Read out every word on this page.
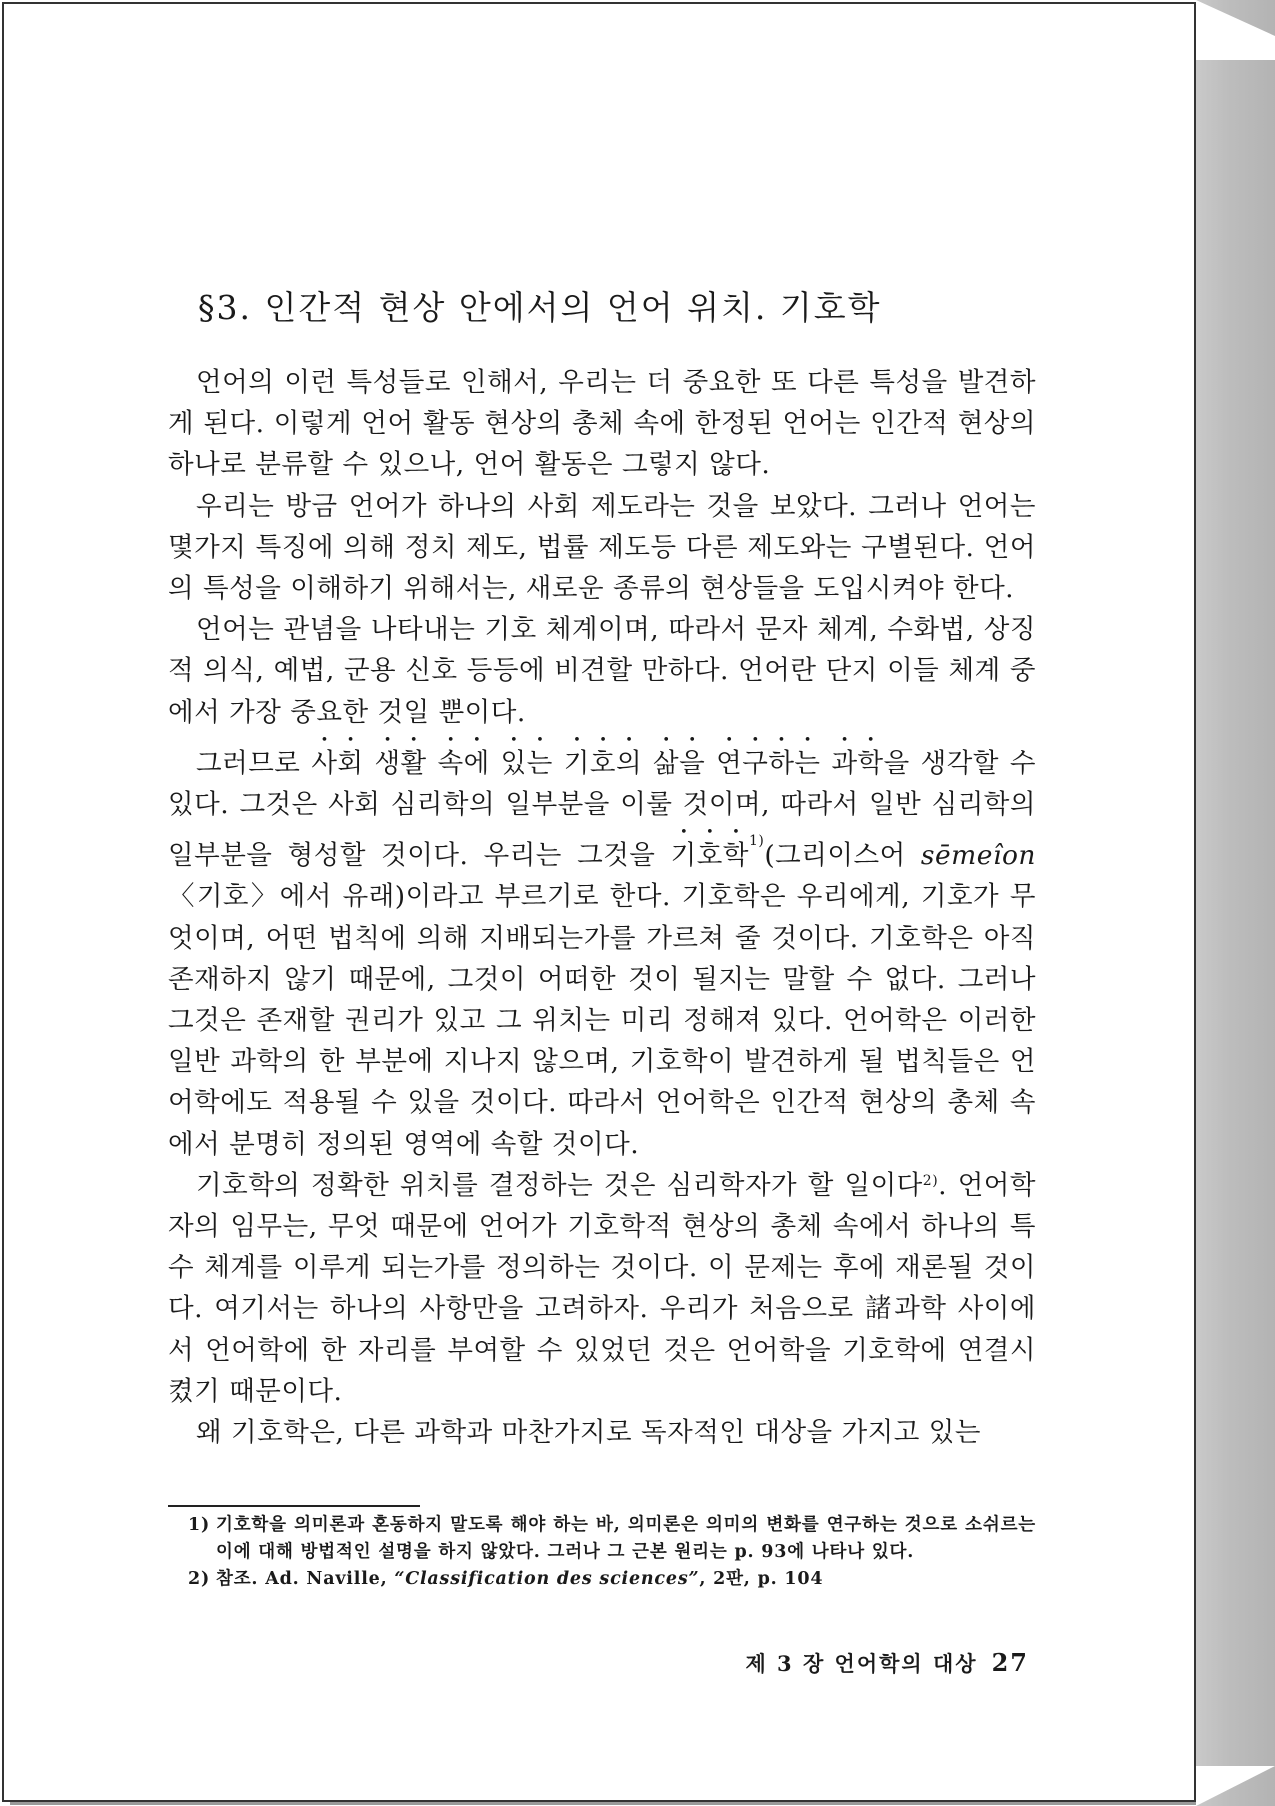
§3. 인간적 현상 안에서의 언어 위치. 기호학

언어의 이런 특성들로 인해서, 우리는 더 중요한 또 다른 특성을 발견하게 된다. 이렇게 언어 활동 현상의 총체 속에 한정된 언어는 인간적 현상의 하나로 분류할 수 있으나, 언어 활동은 그렇지 않다.

우리는 방금 언어가 하나의 사회 제도라는 것을 보았다. 그러나 언어는 몇가지 특징에 의해 정치 제도, 법률 제도등 다른 제도와는 구별된다. 언어의 특성을 이해하기 위해서는, 새로운 종류의 현상들을 도입시켜야 한다.

언어는 관념을 나타내는 기호 체계이며, 따라서 문자 체계, 수화법, 상징적 의식, 예법, 군용 신호 등등에 비견할 만하다. 언어란 단지 이들 체계 중에서 가장 중요한 것일 뿐이다.

그러므로 사회 생활 속에 있는 기호의 삶을 연구하는 과학을 생각할 수 있다. 그것은 사회 심리학의 일부분을 이룰 것이며, 따라서 일반 심리학의 일부분을 형성할 것이다. 우리는 그것을 기호학$^{1)}$(그리이스어 sēmeîon〈기호〉에서 유래)이라고 부르기로 한다. 기호학은 우리에게, 기호가 무엇이며, 어떤 법칙에 의해 지배되는가를 가르쳐 줄 것이다. 기호학은 아직 존재하지 않기 때문에, 그것이 어떠한 것이 될지는 말할 수 없다. 그러나 그것은 존재할 권리가 있고 그 위치는 미리 정해져 있다. 언어학은 이러한 일반 과학의 한 부분에 지나지 않으며, 기호학이 발견하게 될 법칙들은 언어학에도 적용될 수 있을 것이다. 따라서 언어학은 인간적 현상의 총체 속에서 분명히 정의된 영역에 속할 것이다.

기호학의 정확한 위치를 결정하는 것은 심리학자가 할 일이다$^{2)}$. 언어학자의 임무는, 무엇 때문에 언어가 기호학적 현상의 총체 속에서 하나의 특수 체계를 이루게 되는가를 정의하는 것이다. 이 문제는 후에 재론될 것이다. 여기서는 하나의 사항만을 고려하자. 우리가 처음으로 諸과학 사이에서 언어학에 한 자리를 부여할 수 있었던 것은 언어학을 기호학에 연결시켰기 때문이다.

왜 기호학은, 다른 과학과 마찬가지로 독자적인 대상을 가지고 있는

1) 기호학을 의미론과 혼동하지 말도록 해야 하는 바, 의미론은 의미의 변화를 연구하는 것으로 소쉬르는 이에 대해 방법적인 설명을 하지 않았다. 그러나 그 근본 원리는 p. 93에 나타나 있다.

2) 참조. Ad. Naville, “Classification des sciences”, 2판, p. 104

제 3 장 언어학의 대상 27
